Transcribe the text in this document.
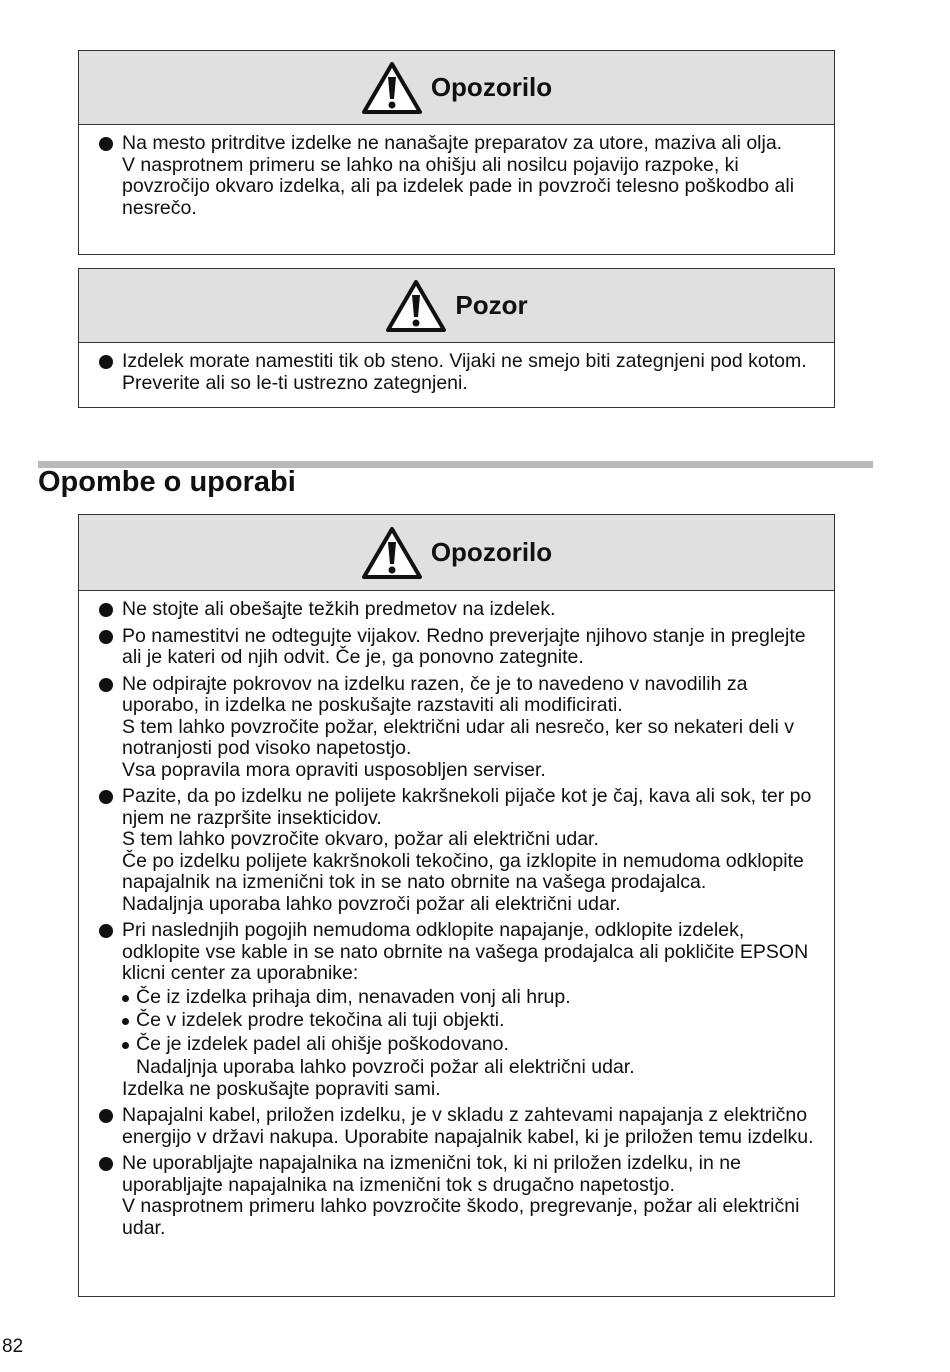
Opozorilo
Na mesto pritrditve izdelke ne nanašajte preparatov za utore, maziva ali olja.
V nasprotnem primeru se lahko na ohišju ali nosilcu pojavijo razpoke, ki povzročijo okvaro izdelka, ali pa izdelek pade in povzroči telesno poškodbo ali nesrečo.
Pozor
Izdelek morate namestiti tik ob steno. Vijaki ne smejo biti zategnjeni pod kotom. Preverite ali so le-ti ustrezno zategnjeni.
Opombe o uporabi
Opozorilo
Ne stojte ali obešajte težkih predmetov na izdelek.
Po namestitvi ne odtegujte vijakov. Redno preverjajte njihovo stanje in preglejte ali je kateri od njih odvit. Če je, ga ponovno zategnite.
Ne odpirajte pokrovov na izdelku razen, če je to navedeno v navodilih za uporabo, in izdelka ne poskušajte razstaviti ali modificirati.
S tem lahko povzročite požar, električni udar ali nesrečo, ker so nekateri deli v notranjosti pod visoko napetostjo.
Vsa popravila mora opraviti usposobljen serviser.
Pazite, da po izdelku ne polijete kakršnekoli pijače kot je čaj, kava ali sok, ter po njem ne razpršite insekticidov.
S tem lahko povzročite okvaro, požar ali električni udar.
Če po izdelku polijete kakršnokoli tekočino, ga izklopite in nemudoma odklopite napajalnik na izmenični tok in se nato obrnite na vašega prodajalca.
Nadaljnja uporaba lahko povzroči požar ali električni udar.
Pri naslednjih pogojih nemudoma odklopite napajanje, odklopite izdelek, odklopite vse kable in se nato obrnite na vašega prodajalca ali pokličite EPSON klicni center za uporabnike:
Če iz izdelka prihaja dim, nenavaden vonj ali hrup.
Če v izdelek prodre tekočina ali tuji objekti.
Če je izdelek padel ali ohišje poškodovano.
Nadaljnja uporaba lahko povzroči požar ali električni udar.
Izdelka ne poskušajte popraviti sami.
Napajalni kabel, priložen izdelku, je v skladu z zahtevami napajanja z električno energijo v državi nakupa. Uporabite napajalnik kabel, ki je priložen temu izdelku.
Ne uporabljajte napajalnika na izmenični tok, ki ni priložen izdelku, in ne uporabljajte napajalnika na izmenični tok s drugačno napetostjo.
V nasprotnem primeru lahko povzročite škodo, pregrevanje, požar ali električni udar.
82
